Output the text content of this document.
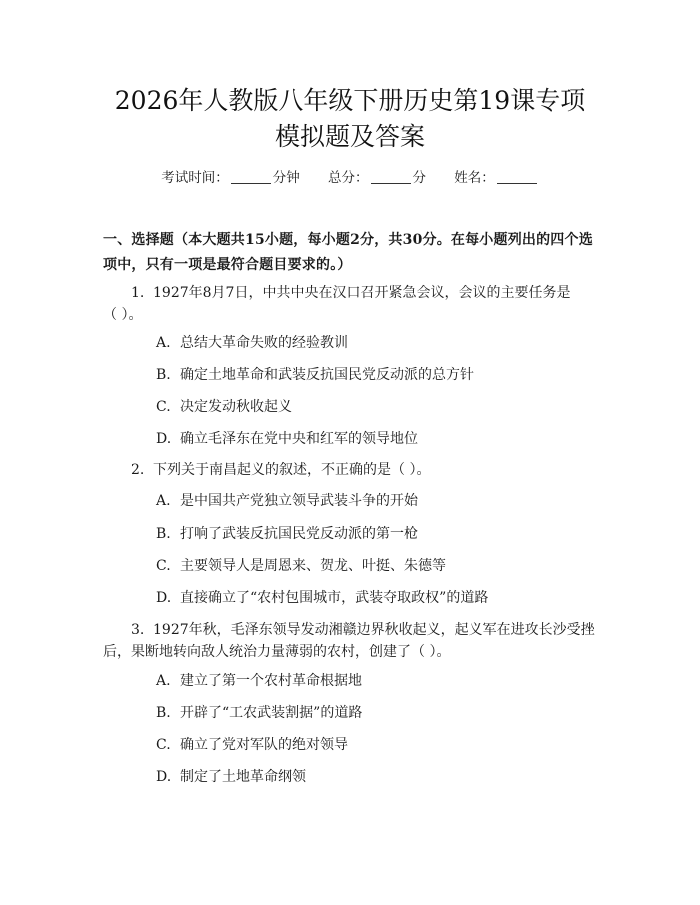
2026年人教版八年级下册历史第19课专项
模拟题及答案
考试时间：	分钟 总分：	分 姓名：
一、选择题（本大题共15小题，每小题2分，共30分。在每小题列出的四个选
项中，只有一项是最符合题目要求的。）
1. 1927年8月7日，中共中央在汉口召开紧急会议，会议的主要任务是
（ ）。
A. 总结大革命失败的经验教训
B. 确定土地革命和武装反抗国民党反动派的总方针
C. 决定发动秋收起义
D. 确立毛泽东在党中央和红军的领导地位
2. 下列关于南昌起义的叙述，不正确的是（ ）。
A. 是中国共产党独立领导武装斗争的开始
B. 打响了武装反抗国民党反动派的第一枪
C. 主要领导人是周恩来、贺龙、叶挺、朱德等
D. 直接确立了“农村包围城市，武装夺取政权”的道路
3. 1927年秋，毛泽东领导发动湘赣边界秋收起义，起义军在进攻长沙受挫
后，果断地转向敌人统治力量薄弱的农村，创建了（ ）。
A. 建立了第一个农村革命根据地
B. 开辟了“工农武装割据”的道路
C. 确立了党对军队的绝对领导
D. 制定了土地革命纲领
